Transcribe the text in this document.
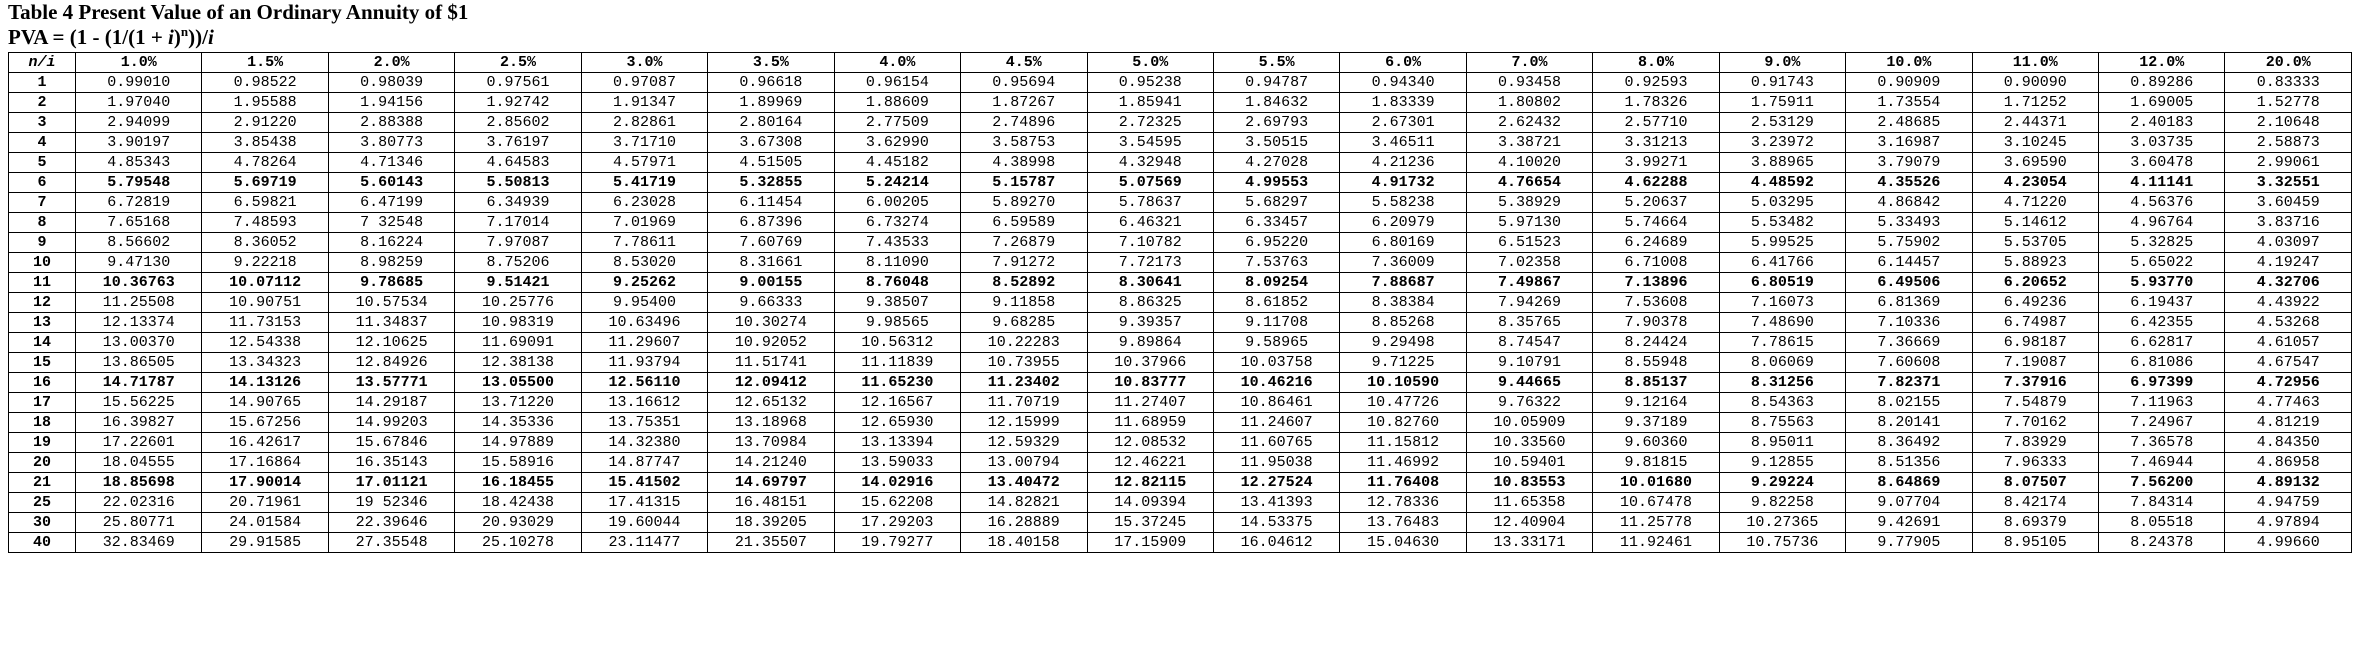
Table 4 Present Value of an Ordinary Annuity of $1
PVA = $(1 - (1/(1 + i)^n))/i$
n/i	1.0%	1.5%	2.0%	2.5%	3.0%	3.5%	4.0%	4.5%	5.0%	5.5%	6.0%	7.0%	8.0%	9.0%	10.0%	11.0%	12.0%	20.0%
1	0.99010	0.98522	0.98039	0.97561	0.97087	0.96618	0.96154	0.95694	0.95238	0.94787	0.94340	0.93458	0.92593	0.91743	0.90909	0.90090	0.89286	0.83333
2	1.97040	1.95588	1.94156	1.92742	1.91347	1.89969	1.88609	1.87267	1.85941	1.84632	1.83339	1.80802	1.78326	1.75911	1.73554	1.71252	1.69005	1.52778
3	2.94099	2.91220	2.88388	2.85602	2.82861	2.80164	2.77509	2.74896	2.72325	2.69793	2.67301	2.62432	2.57710	2.53129	2.48685	2.44371	2.40183	2.10648
4	3.90197	3.85438	3.80773	3.76197	3.71710	3.67308	3.62990	3.58753	3.54595	3.50515	3.46511	3.38721	3.31213	3.23972	3.16987	3.10245	3.03735	2.58873
5	4.85343	4.78264	4.71346	4.64583	4.57971	4.51505	4.45182	4.38998	4.32948	4.27028	4.21236	4.10020	3.99271	3.88965	3.79079	3.69590	3.60478	2.99061
6	5.79548	5.69719	5.60143	5.50813	5.41719	5.32855	5.24214	5.15787	5.07569	4.99553	4.91732	4.76654	4.62288	4.48592	4.35526	4.23054	4.11141	3.32551
7	6.72819	6.59821	6.47199	6.34939	6.23028	6.11454	6.00205	5.89270	5.78637	5.68297	5.58238	5.38929	5.20637	5.03295	4.86842	4.71220	4.56376	3.60459
8	7.65168	7.48593	7 32548	7.17014	7.01969	6.87396	6.73274	6.59589	6.46321	6.33457	6.20979	5.97130	5.74664	5.53482	5.33493	5.14612	4.96764	3.83716
9	8.56602	8.36052	8.16224	7.97087	7.78611	7.60769	7.43533	7.26879	7.10782	6.95220	6.80169	6.51523	6.24689	5.99525	5.75902	5.53705	5.32825	4.03097
10	9.47130	9.22218	8.98259	8.75206	8.53020	8.31661	8.11090	7.91272	7.72173	7.53763	7.36009	7.02358	6.71008	6.41766	6.14457	5.88923	5.65022	4.19247
11	10.36763	10.07112	9.78685	9.51421	9.25262	9.00155	8.76048	8.52892	8.30641	8.09254	7.88687	7.49867	7.13896	6.80519	6.49506	6.20652	5.93770	4.32706
12	11.25508	10.90751	10.57534	10.25776	9.95400	9.66333	9.38507	9.11858	8.86325	8.61852	8.38384	7.94269	7.53608	7.16073	6.81369	6.49236	6.19437	4.43922
13	12.13374	11.73153	11.34837	10.98319	10.63496	10.30274	9.98565	9.68285	9.39357	9.11708	8.85268	8.35765	7.90378	7.48690	7.10336	6.74987	6.42355	4.53268
14	13.00370	12.54338	12.10625	11.69091	11.29607	10.92052	10.56312	10.22283	9.89864	9.58965	9.29498	8.74547	8.24424	7.78615	7.36669	6.98187	6.62817	4.61057
15	13.86505	13.34323	12.84926	12.38138	11.93794	11.51741	11.11839	10.73955	10.37966	10.03758	9.71225	9.10791	8.55948	8.06069	7.60608	7.19087	6.81086	4.67547
16	14.71787	14.13126	13.57771	13.05500	12.56110	12.09412	11.65230	11.23402	10.83777	10.46216	10.10590	9.44665	8.85137	8.31256	7.82371	7.37916	6.97399	4.72956
17	15.56225	14.90765	14.29187	13.71220	13.16612	12.65132	12.16567	11.70719	11.27407	10.86461	10.47726	9.76322	9.12164	8.54363	8.02155	7.54879	7.11963	4.77463
18	16.39827	15.67256	14.99203	14.35336	13.75351	13.18968	12.65930	12.15999	11.68959	11.24607	10.82760	10.05909	9.37189	8.75563	8.20141	7.70162	7.24967	4.81219
19	17.22601	16.42617	15.67846	14.97889	14.32380	13.70984	13.13394	12.59329	12.08532	11.60765	11.15812	10.33560	9.60360	8.95011	8.36492	7.83929	7.36578	4.84350
20	18.04555	17.16864	16.35143	15.58916	14.87747	14.21240	13.59033	13.00794	12.46221	11.95038	11.46992	10.59401	9.81815	9.12855	8.51356	7.96333	7.46944	4.86958
21	18.85698	17.90014	17.01121	16.18455	15.41502	14.69797	14.02916	13.40472	12.82115	12.27524	11.76408	10.83553	10.01680	9.29224	8.64869	8.07507	7.56200	4.89132
25	22.02316	20.71961	19 52346	18.42438	17.41315	16.48151	15.62208	14.82821	14.09394	13.41393	12.78336	11.65358	10.67478	9.82258	9.07704	8.42174	7.84314	4.94759
30	25.80771	24.01584	22.39646	20.93029	19.60044	18.39205	17.29203	16.28889	15.37245	14.53375	13.76483	12.40904	11.25778	10.27365	9.42691	8.69379	8.05518	4.97894
40	32.83469	29.91585	27.35548	25.10278	23.11477	21.35507	19.79277	18.40158	17.15909	16.04612	15.04630	13.33171	11.92461	10.75736	9.77905	8.95105	8.24378	4.99660
